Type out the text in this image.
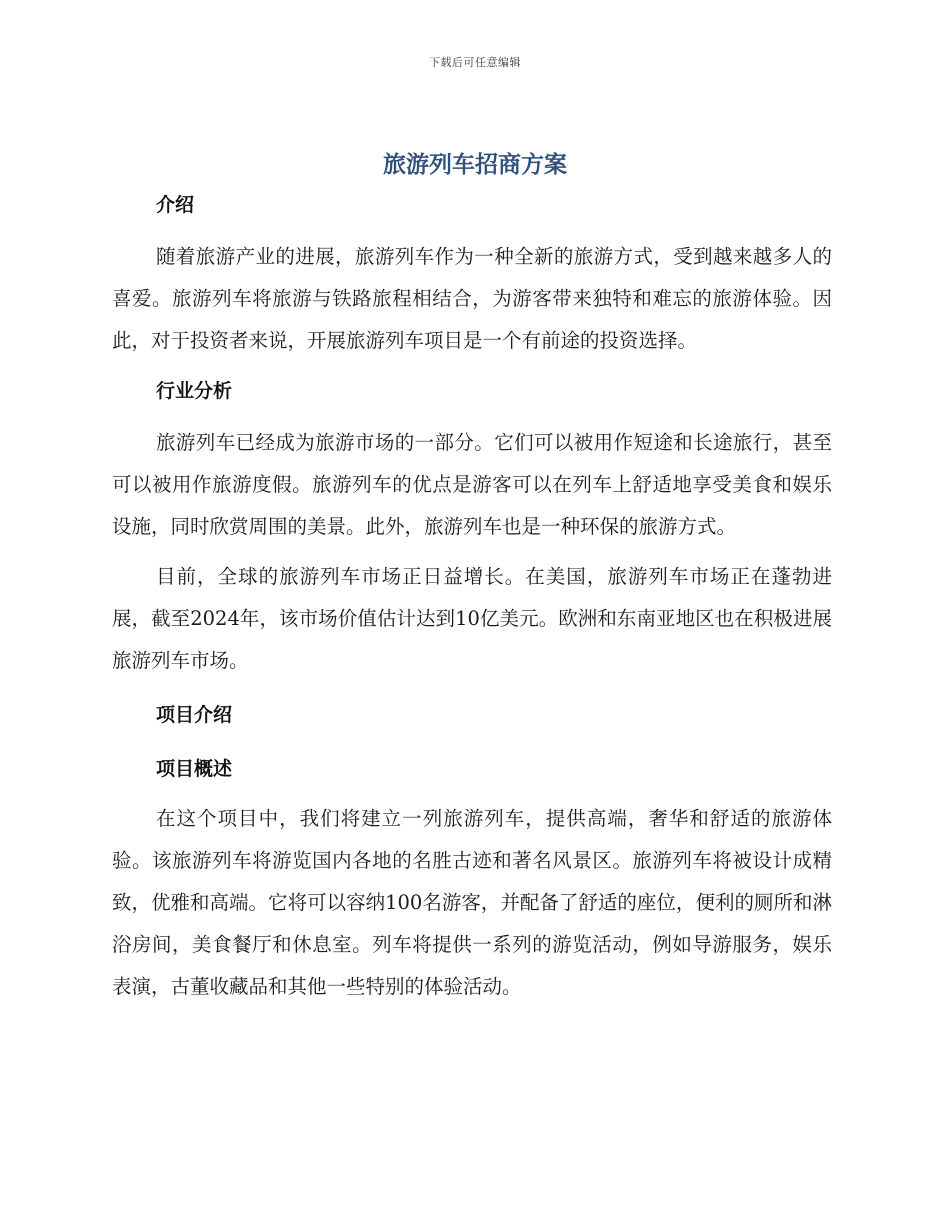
下载后可任意编辑
旅游列车招商方案
介绍

随着旅游产业的进展，旅游列车作为一种全新的旅游方式，受到越来越多人的喜爱。旅游列车将旅游与铁路旅程相结合，为游客带来独特和难忘的旅游体验。因此，对于投资者来说，开展旅游列车项目是一个有前途的投资选择。

行业分析

旅游列车已经成为旅游市场的一部分。它们可以被用作短途和长途旅行，甚至可以被用作旅游度假。旅游列车的优点是游客可以在列车上舒适地享受美食和娱乐设施，同时欣赏周围的美景。此外，旅游列车也是一种环保的旅游方式。

目前，全球的旅游列车市场正日益增长。在美国，旅游列车市场正在蓬勃进展，截至2024年，该市场价值估计达到10亿美元。欧洲和东南亚地区也在积极进展旅游列车市场。

项目介绍
项目概述

在这个项目中，我们将建立一列旅游列车，提供高端，奢华和舒适的旅游体验。该旅游列车将游览国内各地的名胜古迹和著名风景区。旅游列车将被设计成精致，优雅和高端。它将可以容纳100名游客，并配备了舒适的座位，便利的厕所和淋浴房间，美食餐厅和休息室。列车将提供一系列的游览活动，例如导游服务，娱乐表演，古董收藏品和其他一些特别的体验活动。
